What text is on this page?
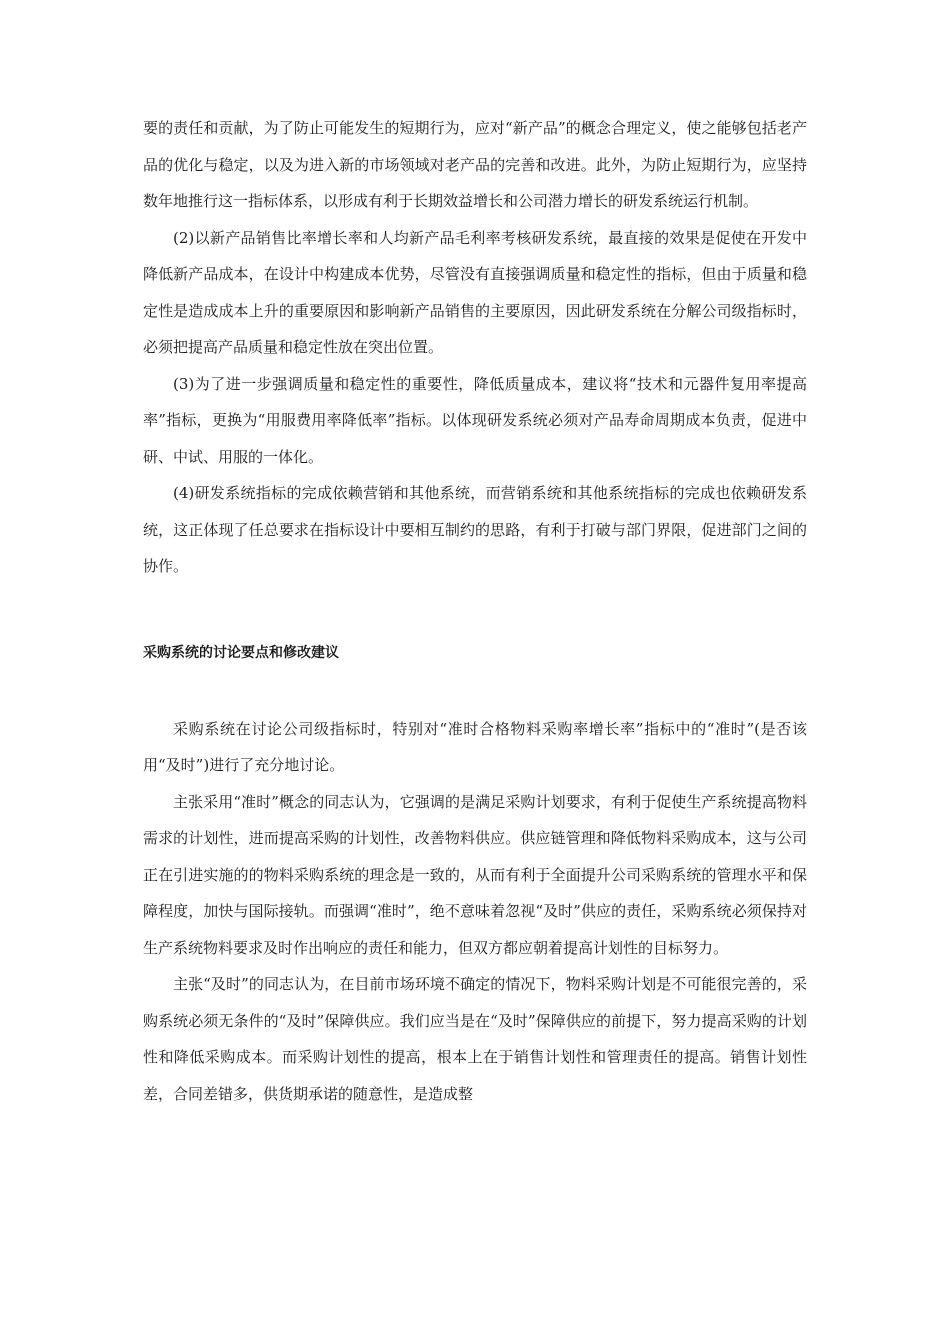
要的责任和贡献，为了防止可能发生的短期行为，应对“新产品”的概念合理定义，使之能够包括老产品的优化与稳定，以及为进入新的市场领域对老产品的完善和改进。此外，为防止短期行为，应坚持数年地推行这一指标体系，以形成有利于长期效益增长和公司潜力增长的研发系统运行机制。

(2)以新产品销售比率增长率和人均新产品毛利率考核研发系统，最直接的效果是促使在开发中降低新产品成本，在设计中构建成本优势，尽管没有直接强调质量和稳定性的指标，但由于质量和稳定性是造成成本上升的重要原因和影响新产品销售的主要原因，因此研发系统在分解公司级指标时，必须把提高产品质量和稳定性放在突出位置。

(3)为了进一步强调质量和稳定性的重要性，降低质量成本，建议将“技术和元器件复用率提高率”指标，更换为“用服费用率降低率”指标。以体现研发系统必须对产品寿命周期成本负责，促进中研、中试、用服的一体化。

(4)研发系统指标的完成依赖营销和其他系统，而营销系统和其他系统指标的完成也依赖研发系统，这正体现了任总要求在指标设计中要相互制约的思路，有利于打破与部门界限，促进部门之间的协作。

采购系统的讨论要点和修改建议

采购系统在讨论公司级指标时，特别对“准时合格物料采购率增长率”指标中的“准时”(是否该用“及时”)进行了充分地讨论。

主张采用“准时”概念的同志认为，它强调的是满足采购计划要求，有利于促使生产系统提高物料需求的计划性，进而提高采购的计划性，改善物料供应。供应链管理和降低物料采购成本，这与公司正在引进实施的的物料采购系统的理念是一致的，从而有利于全面提升公司采购系统的管理水平和保障程度，加快与国际接轨。而强调“准时”，绝不意味着忽视“及时”供应的责任，采购系统必须保持对生产系统物料要求及时作出响应的责任和能力，但双方都应朝着提高计划性的目标努力。

主张“及时”的同志认为，在目前市场环境不确定的情况下，物料采购计划是不可能很完善的，采购系统必须无条件的“及时”保障供应。我们应当是在“及时”保障供应的前提下，努力提高采购的计划性和降低采购成本。而采购计划性的提高，根本上在于销售计划性和管理责任的提高。销售计划性差，合同差错多，供货期承诺的随意性，是造成整
